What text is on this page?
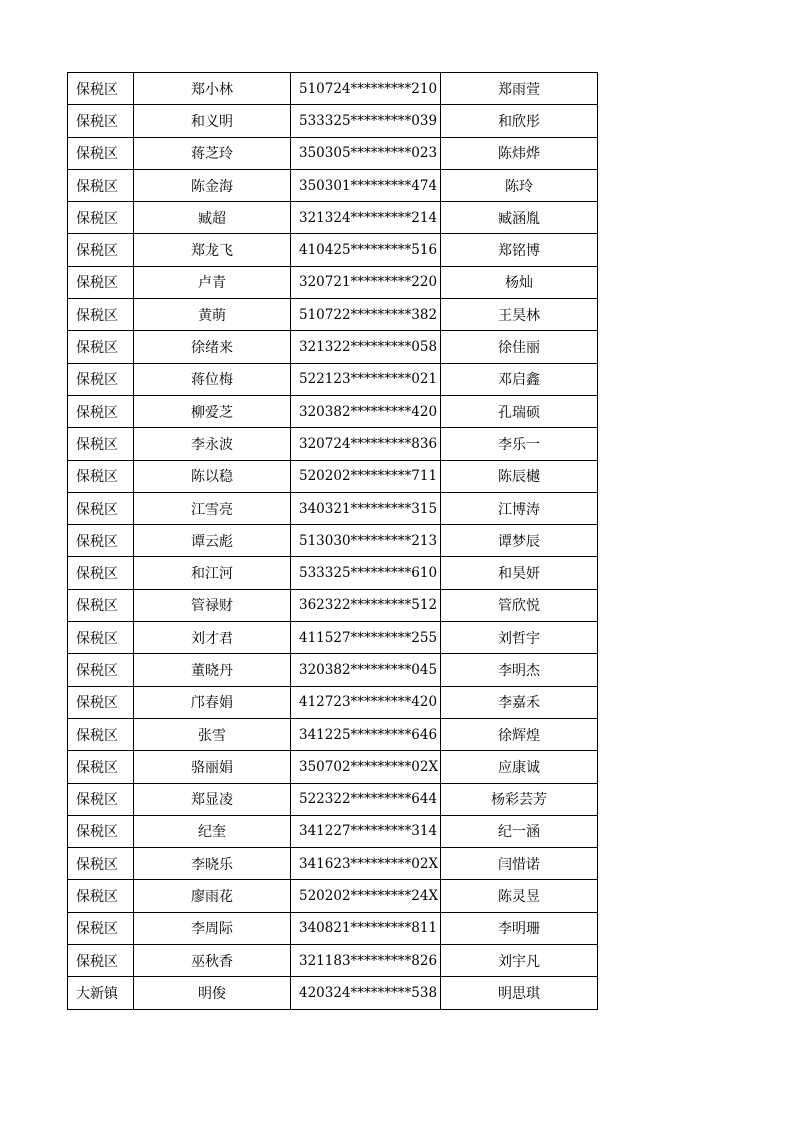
保税区	郑小林	510724*********210	郑雨萱
保税区	和义明	533325*********039	和欣彤
保税区	蒋芝玲	350305*********023	陈炜烨
保税区	陈金海	350301*********474	陈玲
保税区	臧超	321324*********214	臧涵胤
保税区	郑龙飞	410425*********516	郑铭博
保税区	卢青	320721*********220	杨灿
保税区	黄萌	510722*********382	王昊林
保税区	徐绪来	321322*********058	徐佳丽
保税区	蒋位梅	522123*********021	邓启鑫
保税区	柳爱芝	320382*********420	孔瑞硕
保税区	李永波	320724*********836	李乐一
保税区	陈以稳	520202*********711	陈辰樾
保税区	江雪亮	340321*********315	江博涛
保税区	谭云彪	513030*********213	谭梦辰
保税区	和江河	533325*********610	和昊妍
保税区	管禄财	362322*********512	管欣悦
保税区	刘才君	411527*********255	刘哲宇
保税区	董晓丹	320382*********045	李明杰
保税区	邝春娟	412723*********420	李嘉禾
保税区	张雪	341225*********646	徐辉煌
保税区	骆丽娟	350702*********02X	应康诚
保税区	郑显凌	522322*********644	杨彩芸芳
保税区	纪奎	341227*********314	纪一涵
保税区	李晓乐	341623*********02X	闫惜诺
保税区	廖雨花	520202*********24X	陈灵昱
保税区	李周际	340821*********811	李明珊
保税区	巫秋香	321183*********826	刘宇凡
大新镇	明俊	420324*********538	明思琪
